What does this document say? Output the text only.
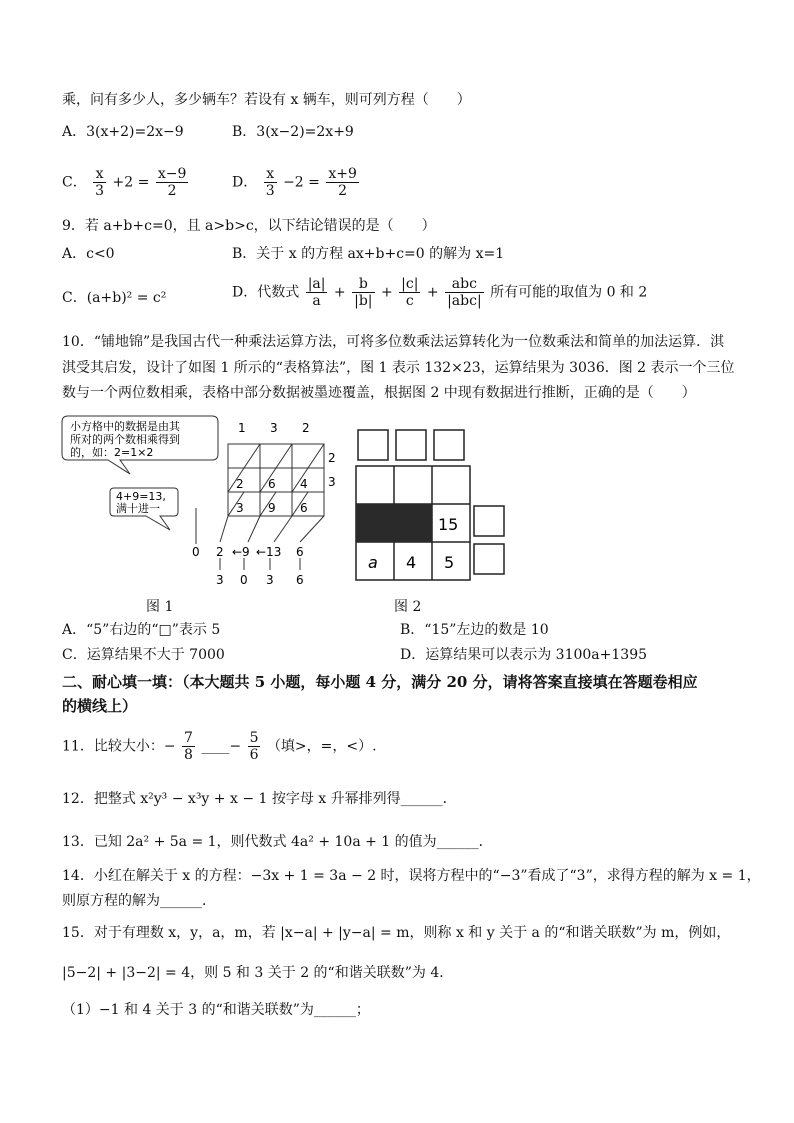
乘，问有多少人，多少辆车？若设有 x 辆车，则可列方程（　　）
A．3(x+2)=2x−9	B．3(x−2)=2x+9
C． $\frac{x}{3} +2 = \frac{x-9}{2}$	D． $\frac{x}{3} -2 = \frac{x+9}{2}$
9．若 a+b+c=0，且 a>b>c，以下结论错误的是（　　）
A．c<0	B．关于 x 的方程 ax+b+c=0 的解为 x=1
C．(a+b)² = c²	D．代数式 $\frac{|a|}{a} + \frac{b}{|b|} + \frac{|c|}{c} + \frac{\text{abc}}{\text{|abc|}}$ 所有可能的取值为 0 和 2
10．“铺地锦”是我国古代一种乘法运算方法，可将多位数乘法运算转化为一位数乘法和简单的加法运算．淇
淇受其启发，设计了如图 1 所示的“表格算法”，图 1 表示 132×23，运算结果为 3036．图 2 表示一个三位
数与一个两位数相乘，表格中部分数据被墨迹覆盖，根据图 2 中现有数据进行推断，正确的是（　　）
小方格中的数据是由其
所对的两个数相乘得到
的，如：2=1×2
4+9=13,
满十进一
1 3 2
2
3
2 6 4
3 9 6
0 2 ←9 ←13 6
3 0 3 6
图 1
15
a 4 5
图 2
A．“5”右边的“□”表示 5	B．“15”左边的数是 10
C．运算结果不大于 7000	D．运算结果可以表示为 3100a+1395
二、耐心填一填：（本大题共 5 小题，每小题 4 分，满分 20 分，请将答案直接填在答题卷相应
的横线上）
11．比较大小：− $\frac{7}{8}$ ____− $\frac{5}{6}$ （填>，=，<）.
12．把整式 x²y³ − x³y + x − 1 按字母 x 升幂排列得______．
13．已知 2a² + 5a = 1，则代数式 4a² + 10a + 1 的值为______．
14．小红在解关于 x 的方程：−3x + 1 = 3a − 2 时，误将方程中的“−3”看成了“3”，求得方程的解为 x = 1，
则原方程的解为______．
15．对于有理数 x，y，a，m，若 |x−a| + |y−a| = m，则称 x 和 y 关于 a 的“和谐关联数”为 m，例如，
|5−2| + |3−2| = 4，则 5 和 3 关于 2 的“和谐关联数”为 4．
（1）−1 和 4 关于 3 的“和谐关联数”为______；
